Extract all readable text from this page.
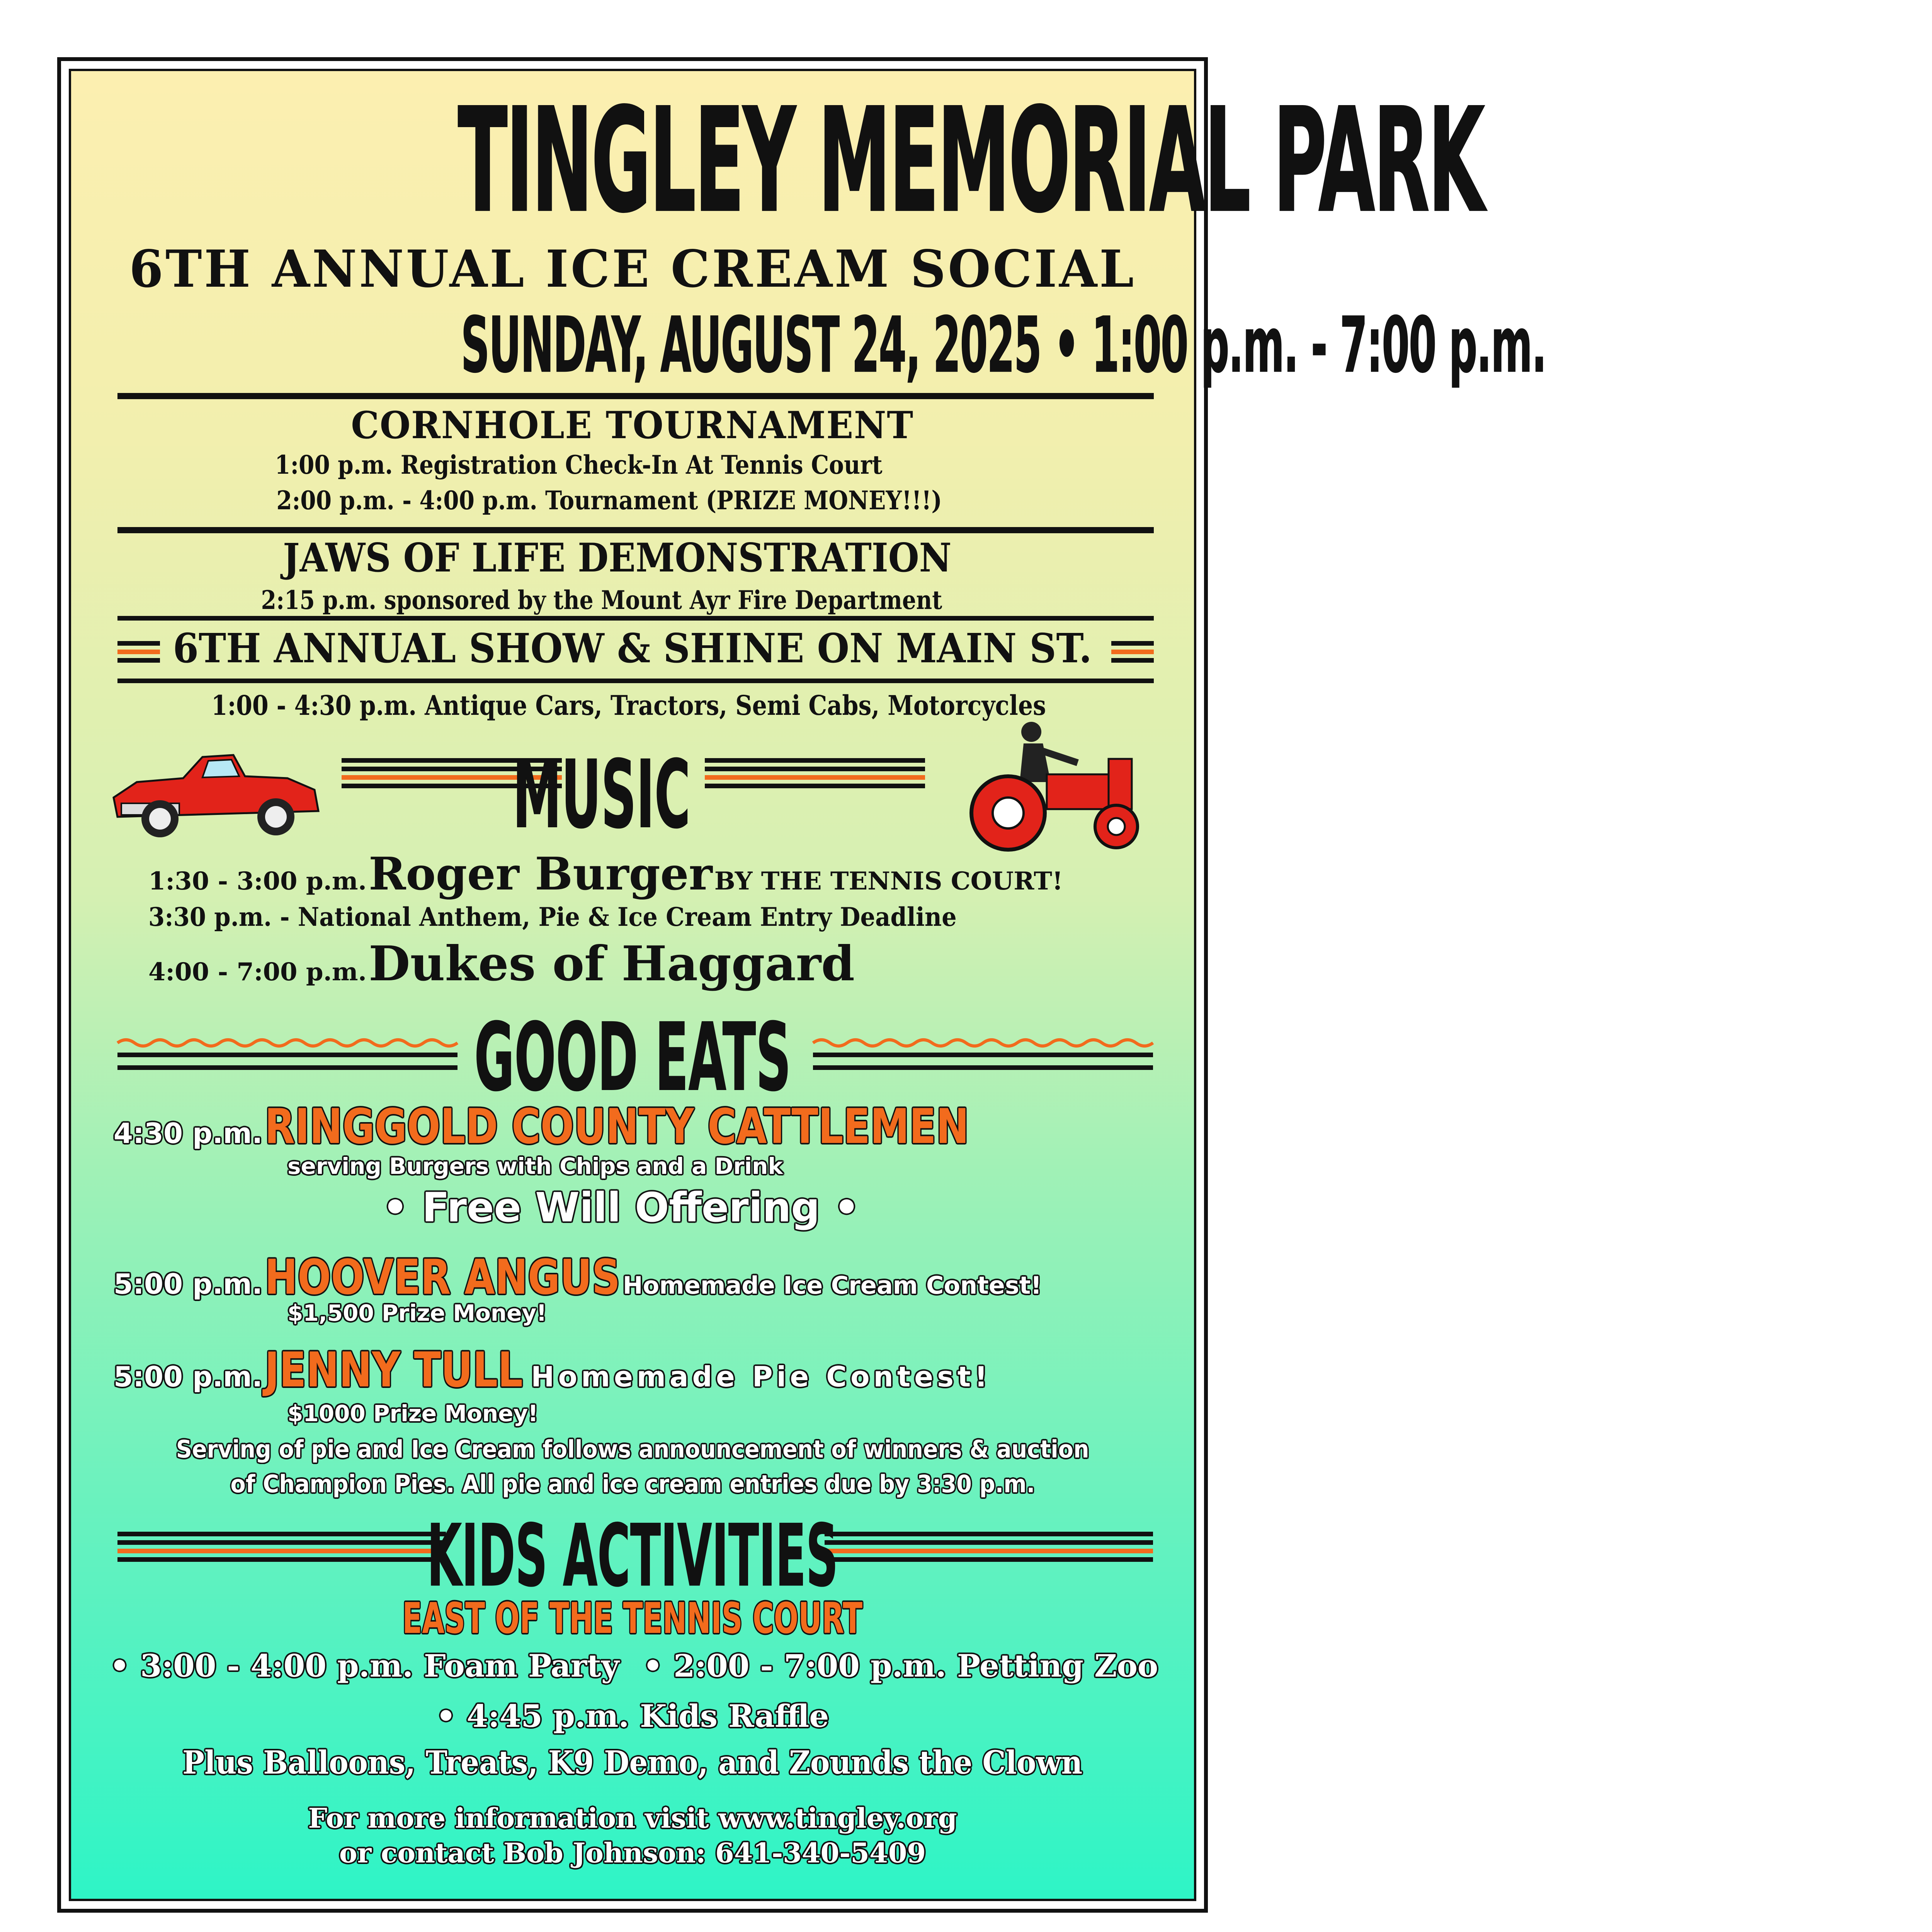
TINGLEY MEMORIAL PARK
6TH ANNUAL ICE CREAM SOCIAL
SUNDAY, AUGUST 24, 2025 • 1:00 p.m. - 7:00 p.m.
CORNHOLE TOURNAMENT
1:00 p.m. Registration Check-In At Tennis Court
2:00 p.m. - 4:00 p.m. Tournament (PRIZE MONEY!!!)
JAWS OF LIFE DEMONSTRATION
2:15 p.m. sponsored by the Mount Ayr Fire Department
6TH ANNUAL SHOW & SHINE ON MAIN ST.
1:00 - 4:30 p.m. Antique Cars, Tractors, Semi Cabs, Motorcycles
MUSIC
1:30 - 3:00 p.m. Roger Burger BY THE TENNIS COURT!
3:30 p.m. - National Anthem, Pie & Ice Cream Entry Deadline
4:00 - 7:00 p.m. Dukes of Haggard
GOOD EATS
4:30 p.m. RINGGOLD COUNTY CATTLEMEN
serving Burgers with Chips and a Drink
• Free Will Offering •
5:00 p.m. HOOVER ANGUS Homemade Ice Cream Contest!
$1,500 Prize Money!
5:00 p.m. JENNY TULL Homemade Pie Contest!
$1000 Prize Money!
Serving of pie and Ice Cream follows announcement of winners & auction
of Champion Pies. All pie and ice cream entries due by 3:30 p.m.
KIDS ACTIVITIES
EAST OF THE TENNIS COURT
• 3:00 - 4:00 p.m. Foam Party • 2:00 - 7:00 p.m. Petting Zoo
• 4:45 p.m. Kids Raffle
Plus Balloons, Treats, K9 Demo, and Zounds the Clown
For more information visit www.tingley.org
or contact Bob Johnson: 641-340-5409
